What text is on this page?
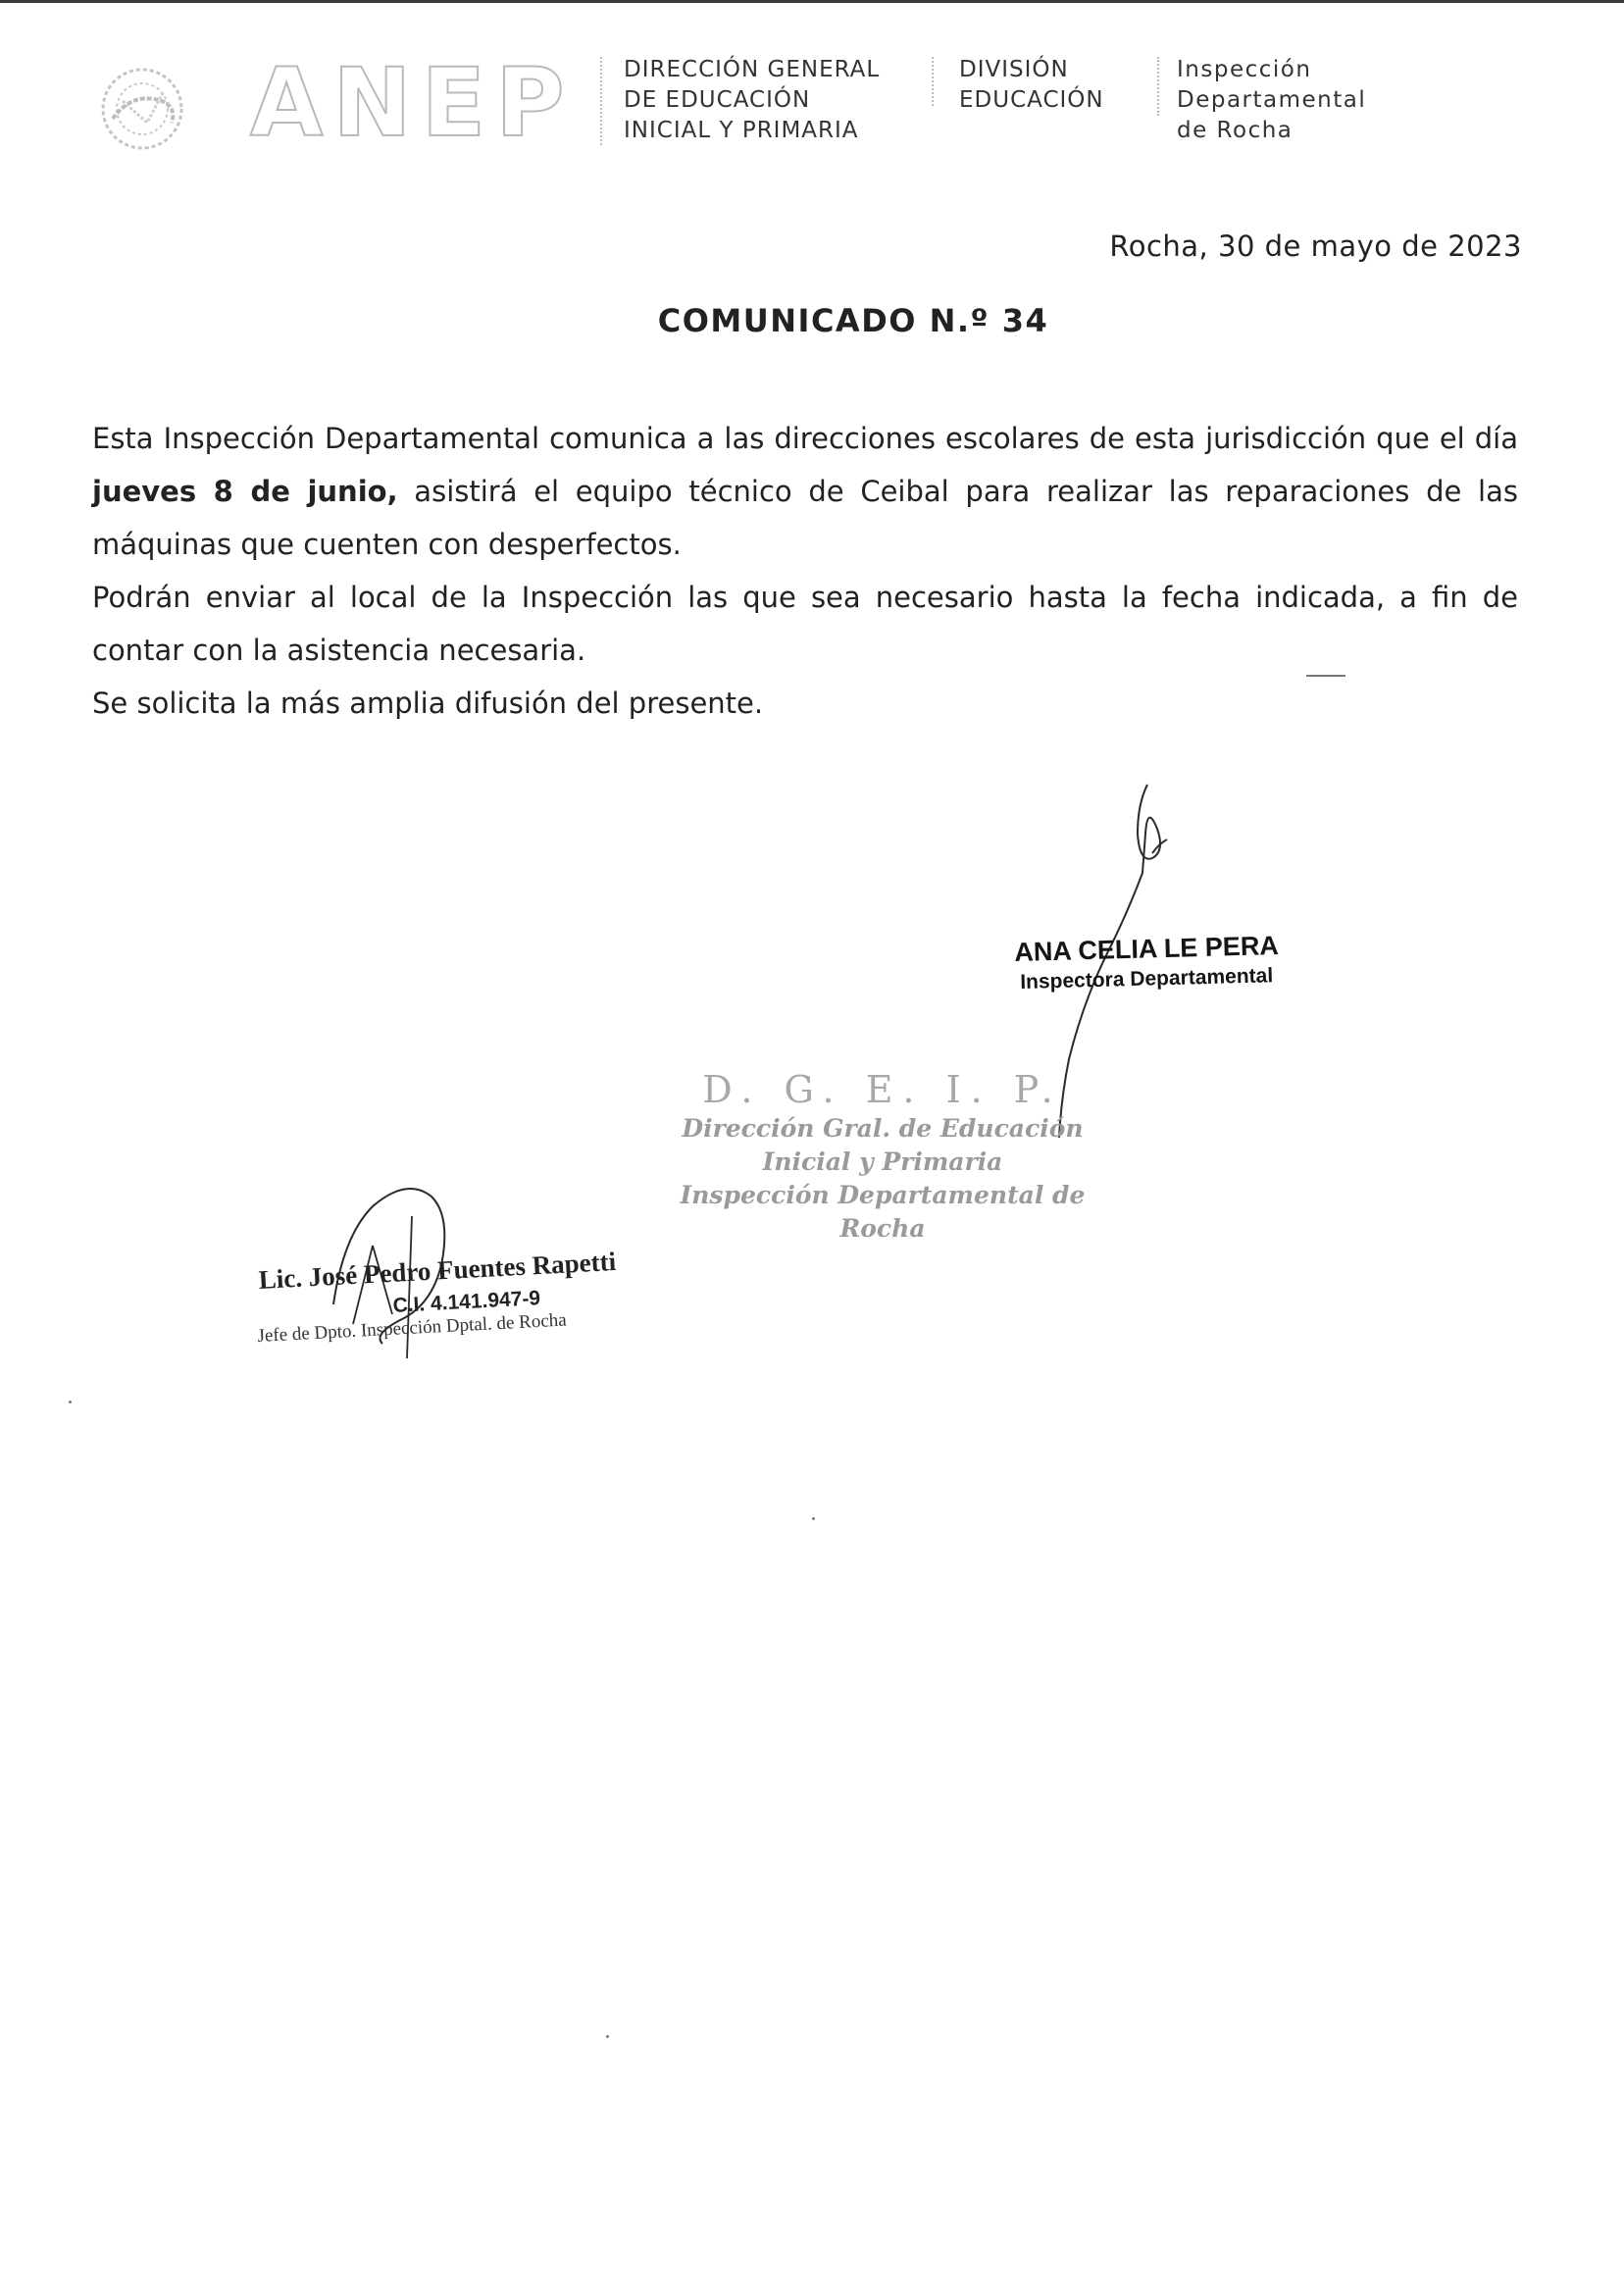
ANEP DIRECCIÓN GENERAL
DE EDUCACIÓN
INICIAL Y PRIMARIA
DIVISIÓN
EDUCACIÓN
Inspección
Departamental
de Rocha
Rocha, 30 de mayo de 2023
COMUNICADO N.º 34

Esta Inspección Departamental comunica a las direcciones escolares de esta jurisdicción que el día jueves 8 de junio, asistirá el equipo técnico de Ceibal para realizar las reparaciones de las máquinas que cuenten con desperfectos.

Podrán enviar al local de la Inspección las que sea necesario hasta la fecha indicada, a fin de contar con la asistencia necesaria.

Se solicita la más amplia difusión del presente.

ANA CELIA LE PERA
Inspectora Departamental
D. G. E. I. P.
Dirección Gral. de Educación
Inicial y Primaria
Inspección Departamental de Rocha
Lic. José Pedro Fuentes Rapetti
C.I. 4.141.947-9
Jefe de Dpto. Inspección Dptal. de Rocha
